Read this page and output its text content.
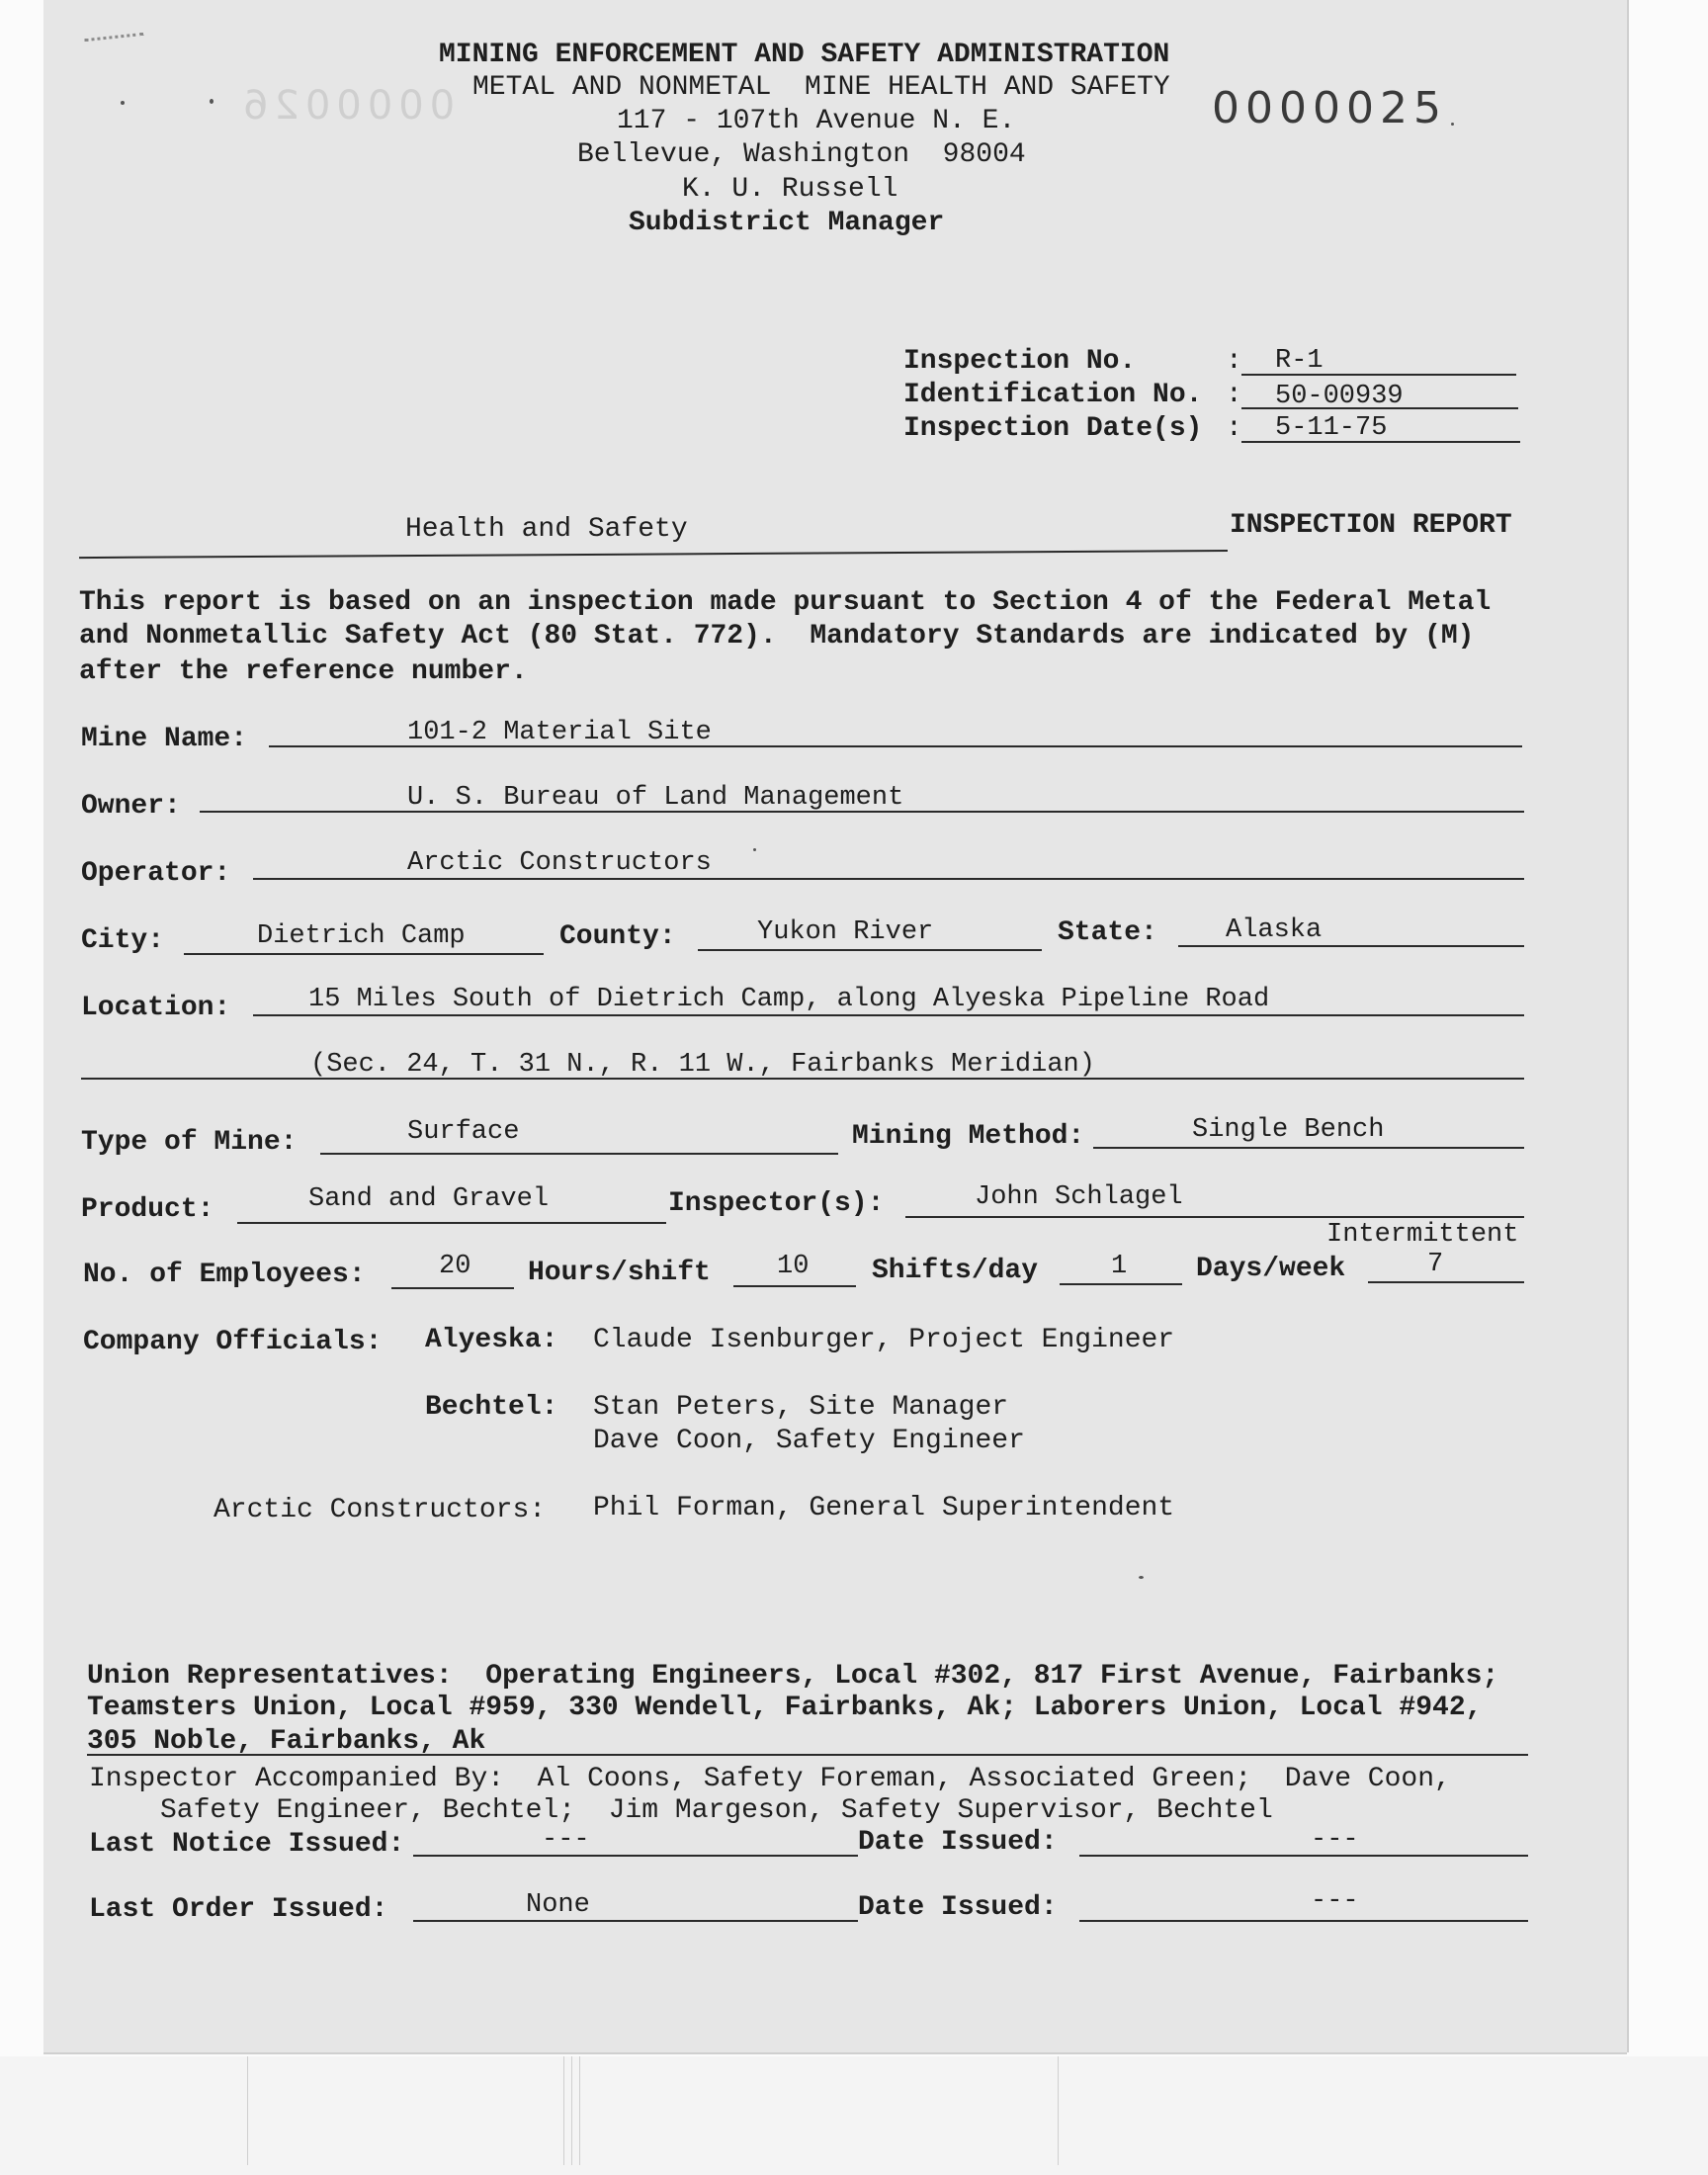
MINING ENFORCEMENT AND SAFETY ADMINISTRATION
METAL AND NONMETAL  MINE HEALTH AND SAFETY
117 - 107th Avenue N. E.
Bellevue, Washington  98004
K. U. Russell
Subdistrict Manager
0000026	0000025
Inspection No.	: R-1
Identification No. : 50-00939
Inspection Date(s) : 5-11-75
Health and Safety	INSPECTION REPORT
This report is based on an inspection made pursuant to Section 4 of the Federal Metal
and Nonmetallic Safety Act (80 Stat. 772).  Mandatory Standards are indicated by (M)
after the reference number.
Mine Name:	101-2 Material Site
Owner:	U. S. Bureau of Land Management
Operator:	Arctic Constructors
City:	Dietrich Camp	County:	Yukon River	State:	Alaska
Location:	15 Miles South of Dietrich Camp, along Alyeska Pipeline Road
(Sec. 24, T. 31 N., R. 11 W., Fairbanks Meridian)
Type of Mine:	Surface	Mining Method:	Single Bench
Product:	Sand and Gravel	Inspector(s):	John Schlagel
Intermittent
No. of Employees:	20 Hours/shift 10 Shifts/day	1 Days/week	7
Company Officials: Alyeska: Claude Isenburger, Project Engineer
Bechtel: Stan Peters, Site Manager
Dave Coon, Safety Engineer
Arctic Constructors: Phil Forman, General Superintendent
Union Representatives:  Operating Engineers, Local #302, 817 First Avenue, Fairbanks;
Teamsters Union, Local #959, 330 Wendell, Fairbanks, Ak; Laborers Union, Local #942,
305 Noble, Fairbanks, Ak
Inspector Accompanied By:  Al Coons, Safety Foreman, Associated Green;  Dave Coon,
Safety Engineer, Bechtel;  Jim Margeson, Safety Supervisor, Bechtel
Last Notice Issued:	---	Date Issued:	---
Last Order Issued:	None	Date Issued:	---
